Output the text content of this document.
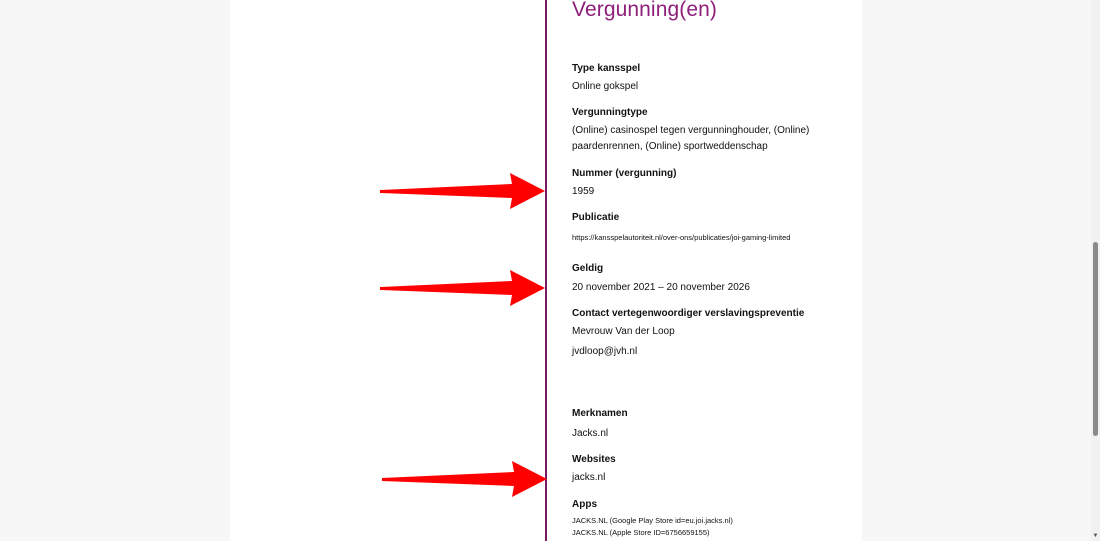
Vergunning(en)
Type kansspel
Online gokspel
Vergunningtype
(Online) casinospel tegen vergunninghouder, (Online) paardenrennen, (Online) sportweddenschap
Nummer (vergunning)
1959
Publicatie
https://kansspelautoriteit.nl/over-ons/publicaties/joi-gaming-limited
Geldig
20 november 2021 – 20 november 2026
Contact vertegenwoordiger verslavingspreventie
Mevrouw Van der Loop
jvdloop@jvh.nl
Merknamen
Jacks.nl
Websites
jacks.nl
Apps
JACKS.NL (Google Play Store id=eu.joi.jacks.nl)
JACKS.NL (Apple Store ID=6756659155)	▼
